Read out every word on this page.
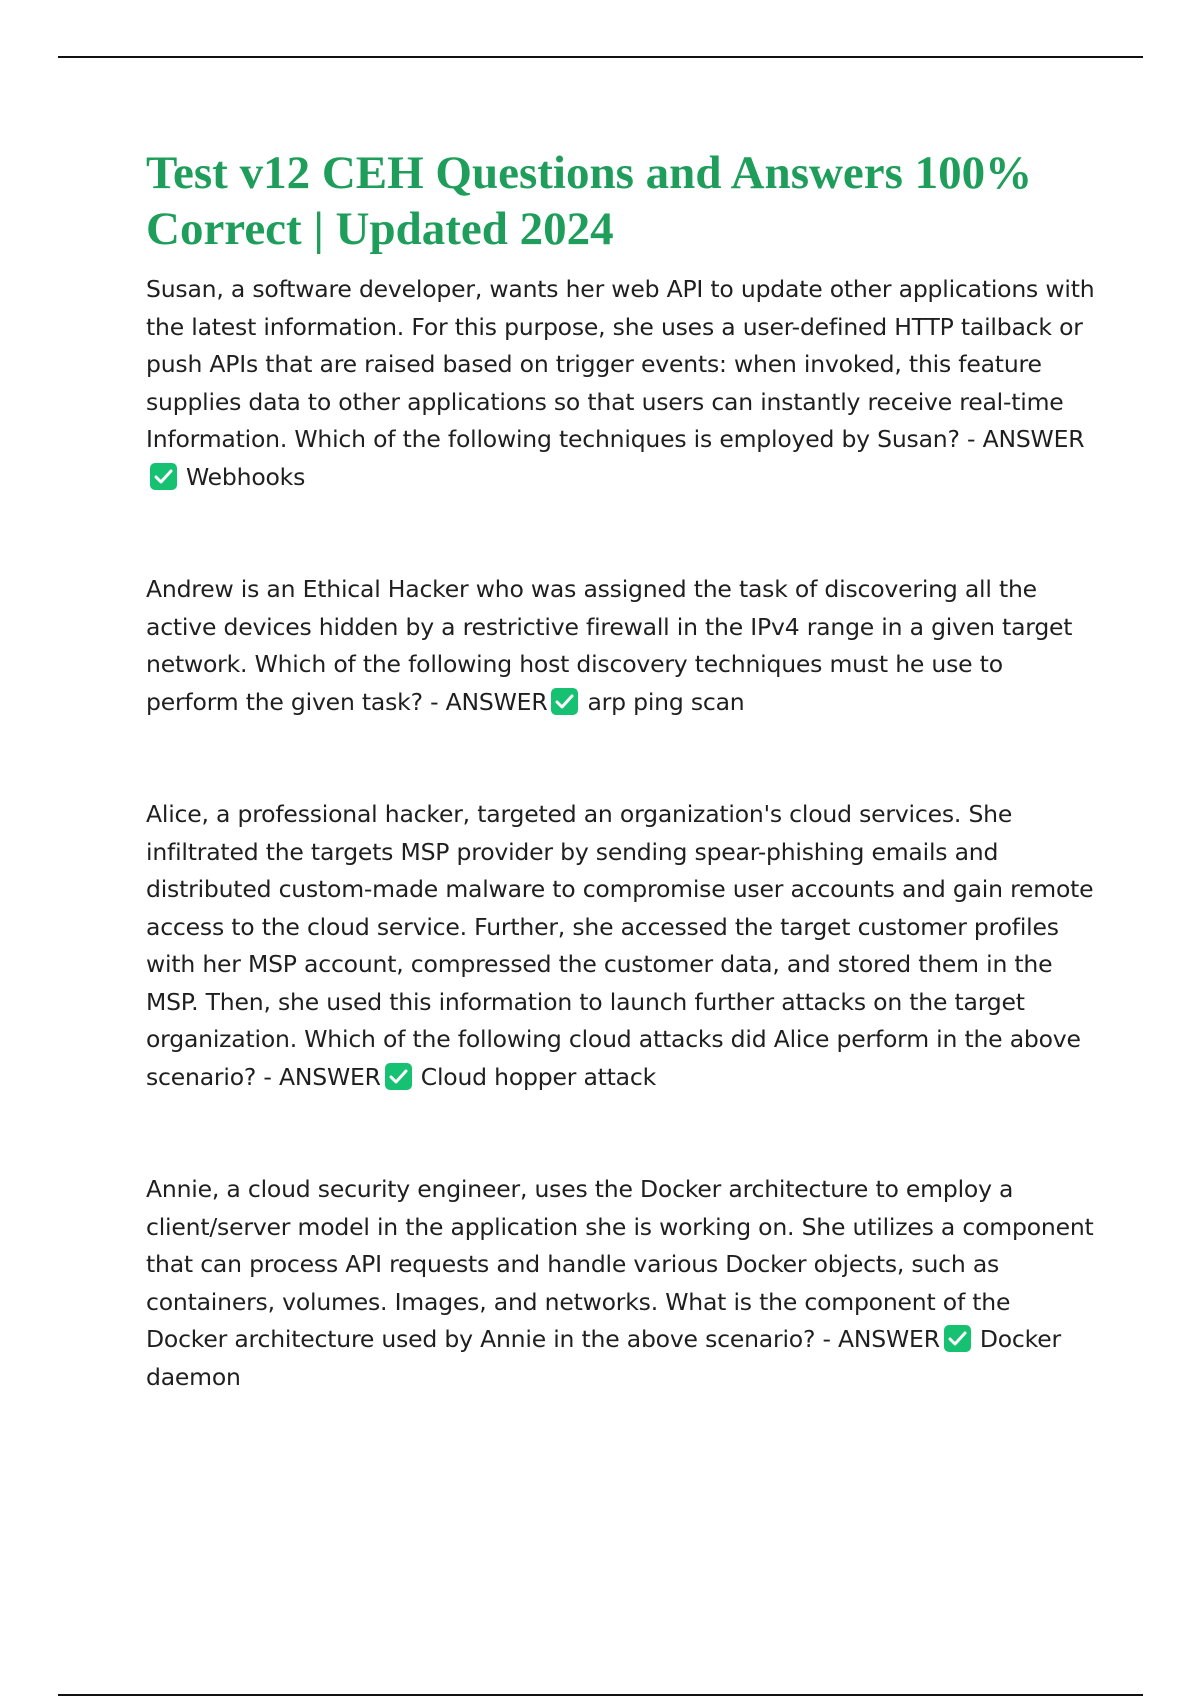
Test v12 CEH Questions and Answers 100% Correct | Updated 2024
Susan, a software developer, wants her web API to update other applications with the latest information. For this purpose, she uses a user-defined HTTP tailback or push APIs that are raised based on trigger events: when invoked, this feature supplies data to other applications so that users can instantly receive real-time Information. Which of the following techniques is employed by Susan? - ANSWER
Webhooks
Andrew is an Ethical Hacker who was assigned the task of discovering all the active devices hidden by a restrictive firewall in the IPv4 range in a given target network. Which of the following host discovery techniques must he use to perform the given task? - ANSWER arp ping scan
Alice, a professional hacker, targeted an organization's cloud services. She infiltrated the targets MSP provider by sending spear-phishing emails and distributed custom-made malware to compromise user accounts and gain remote access to the cloud service. Further, she accessed the target customer profiles with her MSP account, compressed the customer data, and stored them in the MSP. Then, she used this information to launch further attacks on the target organization. Which of the following cloud attacks did Alice perform in the above scenario? - ANSWER Cloud hopper attack
Annie, a cloud security engineer, uses the Docker architecture to employ a client/server model in the application she is working on. She utilizes a component that can process API requests and handle various Docker objects, such as containers, volumes. Images, and networks. What is the component of the Docker architecture used by Annie in the above scenario? - ANSWER Docker daemon
